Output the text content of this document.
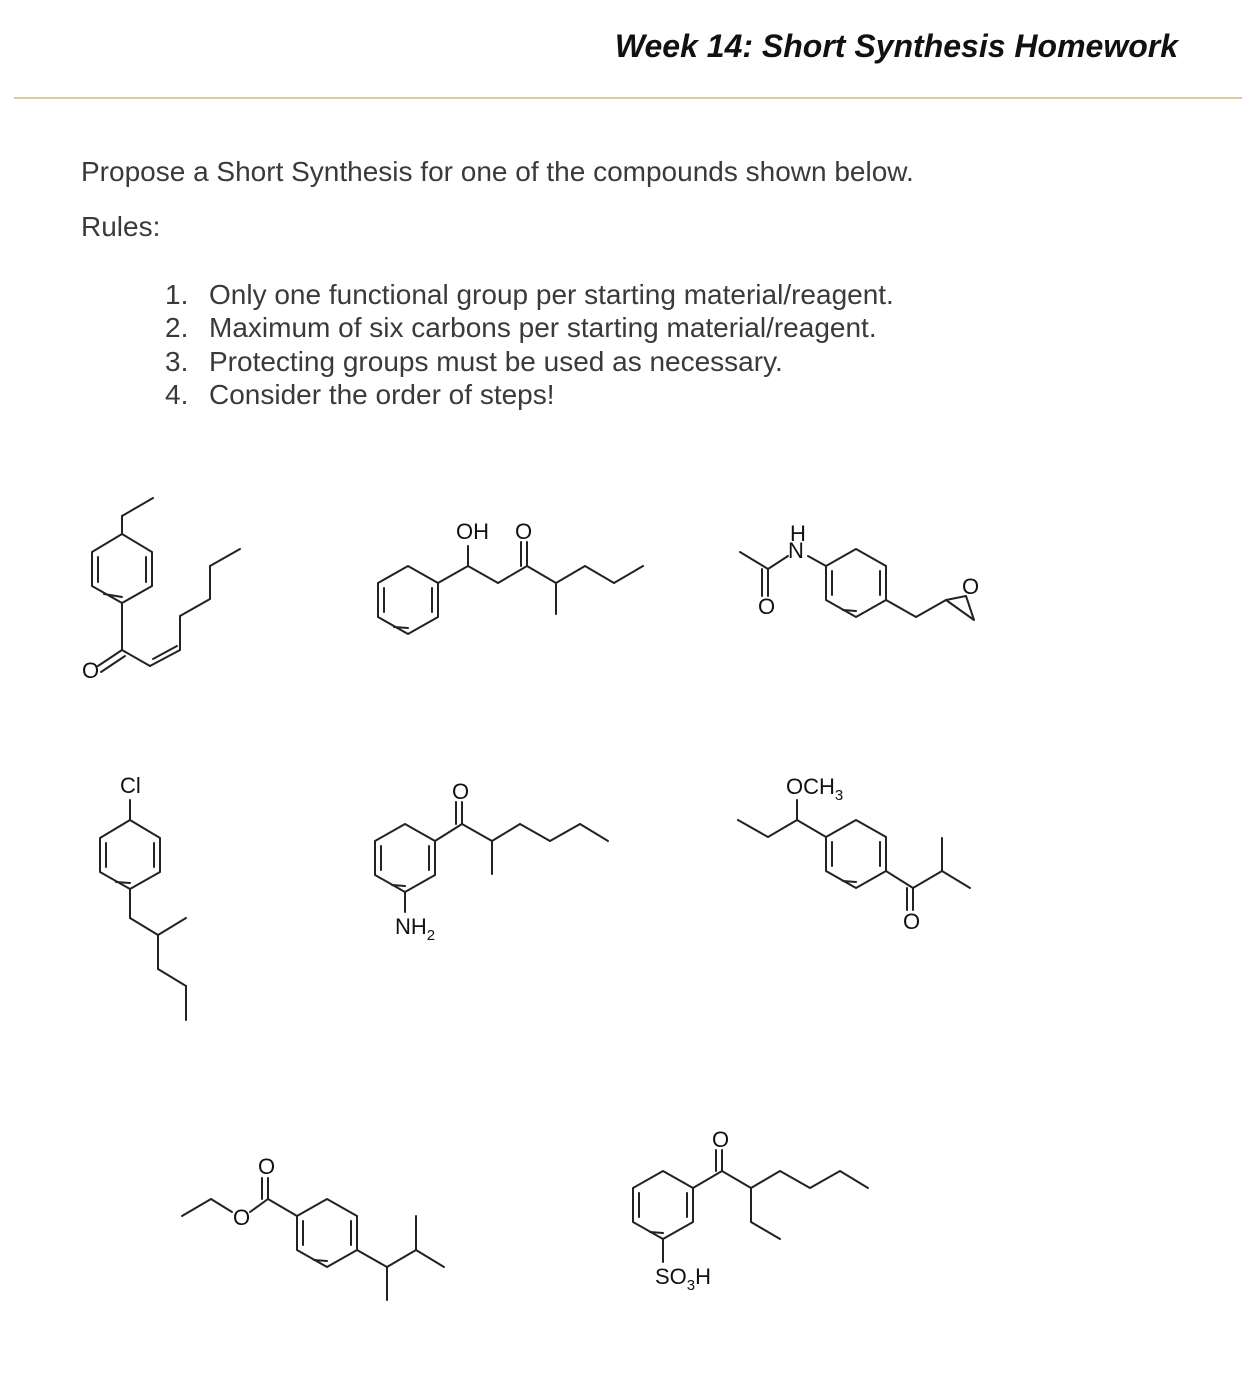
Week 14: Short Synthesis Homework
Propose a Short Synthesis for one of the compounds shown below.
Rules:
1. Only one functional group per starting material/reagent.
2. Maximum of six carbons per starting material/reagent.
3. Protecting groups must be used as necessary.
4. Consider the order of steps!
O
OH O	H
N
O
O
Cl	O
$NH_2$
$OCH_3$
O
O
O
O
$SO_3H$
